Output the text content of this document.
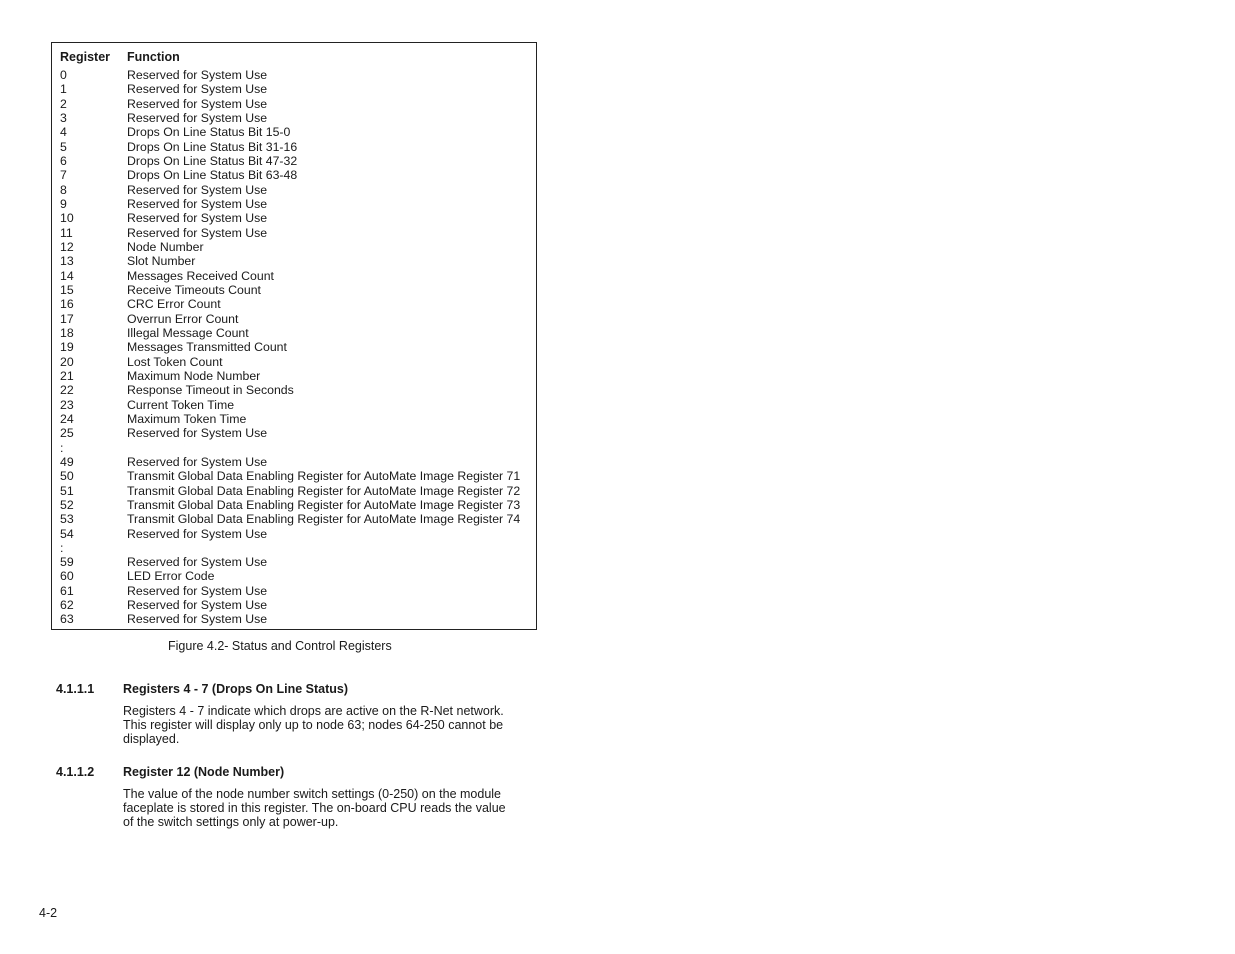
Register Function
0	Reserved for System Use
1	Reserved for System Use
2	Reserved for System Use
3	Reserved for System Use
4	Drops On Line Status Bit 15-0
5	Drops On Line Status Bit 31-16
6	Drops On Line Status Bit 47-32
7	Drops On Line Status Bit 63-48
8	Reserved for System Use
9	Reserved for System Use
10	Reserved for System Use
11	Reserved for System Use
12	Node Number
13	Slot Number
14	Messages Received Count
15	Receive Timeouts Count
16	CRC Error Count
17	Overrun Error Count
18	Illegal Message Count
19	Messages Transmitted Count
20	Lost Token Count
21	Maximum Node Number
22	Response Timeout in Seconds
23	Current Token Time
24	Maximum Token Time
25	Reserved for System Use
:
49	Reserved for System Use
50	Transmit Global Data Enabling Register for AutoMate Image Register 71
51	Transmit Global Data Enabling Register for AutoMate Image Register 72
52	Transmit Global Data Enabling Register for AutoMate Image Register 73
53	Transmit Global Data Enabling Register for AutoMate Image Register 74
54	Reserved for System Use
:
59	Reserved for System Use
60	LED Error Code
61	Reserved for System Use
62	Reserved for System Use
63	Reserved for System Use
Figure 4.2- Status and Control Registers
4.1.1.1 Registers 4 - 7 (Drops On Line Status)
Registers 4 - 7 indicate which drops are active on the R-Net network.
This register will display only up to node 63; nodes 64-250 cannot be
displayed.
4.1.1.2 Register 12 (Node Number)
The value of the node number switch settings (0-250) on the module
faceplate is stored in this register. The on-board CPU reads the value
of the switch settings only at power-up.
4-2
